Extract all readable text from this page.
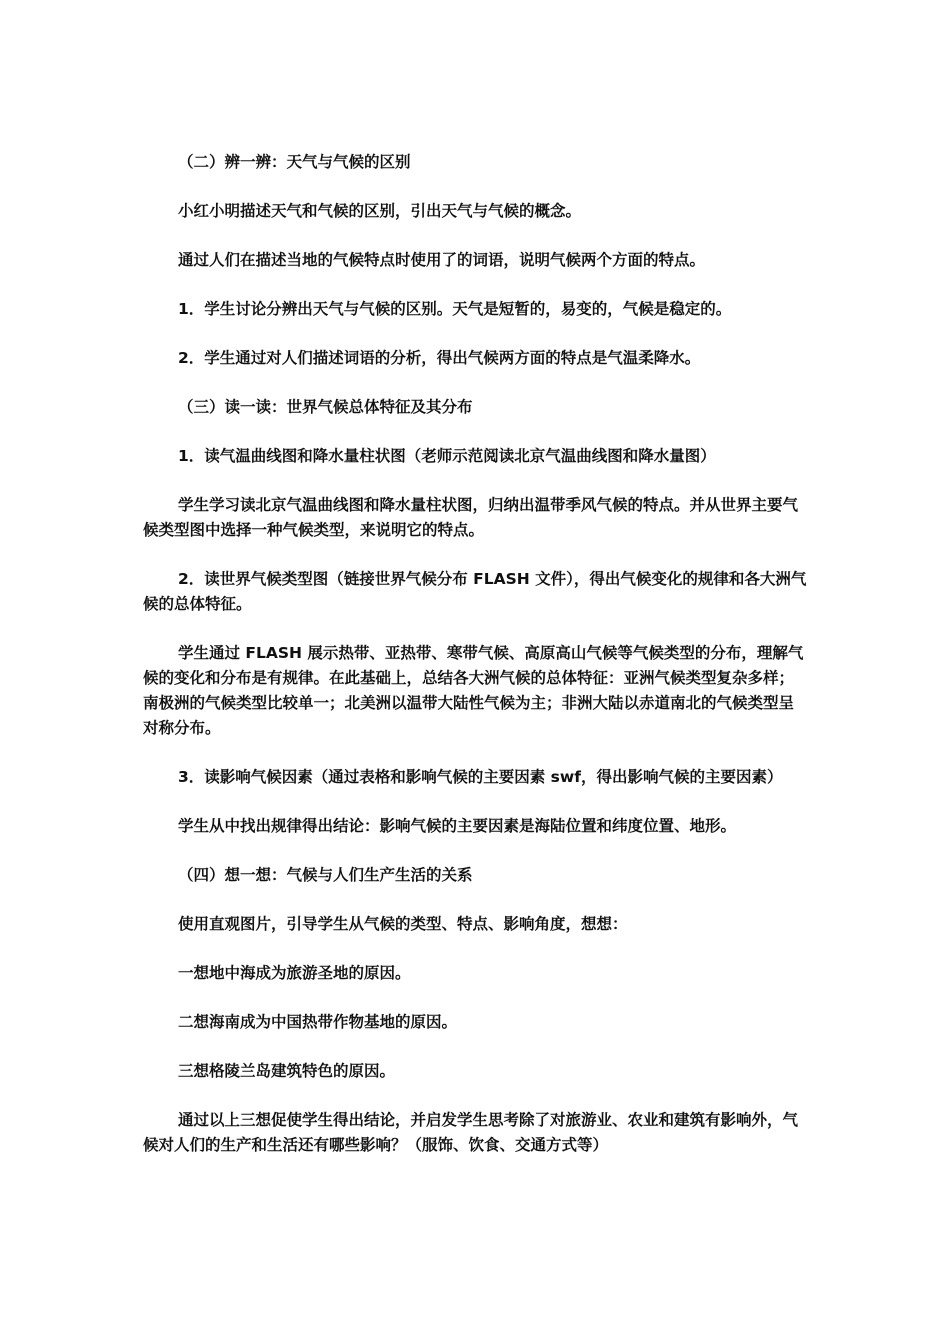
（二）辨一辨：天气与气候的区别

小红小明描述天气和气候的区别，引出天气与气候的概念。

通过人们在描述当地的气候特点时使用了的词语，说明气候两个方面的特点。

1．学生讨论分辨出天气与气候的区别。天气是短暂的，易变的，气候是稳定的。

2．学生通过对人们描述词语的分析，得出气候两方面的特点是气温柔降水。

（三）读一读：世界气候总体特征及其分布

1．读气温曲线图和降水量柱状图（老师示范阅读北京气温曲线图和降水量图）

学生学习读北京气温曲线图和降水量柱状图，归纳出温带季风气候的特点。并从世界主要气候类型图中选择一种气候类型，来说明它的特点。

2．读世界气候类型图（链接世界气候分布 FLASH 文件），得出气候变化的规律和各大洲气候的总体特征。

学生通过 FLASH 展示热带、亚热带、寒带气候、高原高山气候等气候类型的分布，理解气候的变化和分布是有规律。在此基础上，总结各大洲气候的总体特征：亚洲气候类型复杂多样；南极洲的气候类型比较单一；北美洲以温带大陆性气候为主；非洲大陆以赤道南北的气候类型呈对称分布。

3．读影响气候因素（通过表格和影响气候的主要因素 swf，得出影响气候的主要因素）

学生从中找出规律得出结论：影响气候的主要因素是海陆位置和纬度位置、地形。

（四）想一想：气候与人们生产生活的关系

使用直观图片，引导学生从气候的类型、特点、影响角度，想想：

一想地中海成为旅游圣地的原因。

二想海南成为中国热带作物基地的原因。

三想格陵兰岛建筑特色的原因。

通过以上三想促使学生得出结论，并启发学生思考除了对旅游业、农业和建筑有影响外，气候对人们的生产和生活还有哪些影响？（服饰、饮食、交通方式等）
